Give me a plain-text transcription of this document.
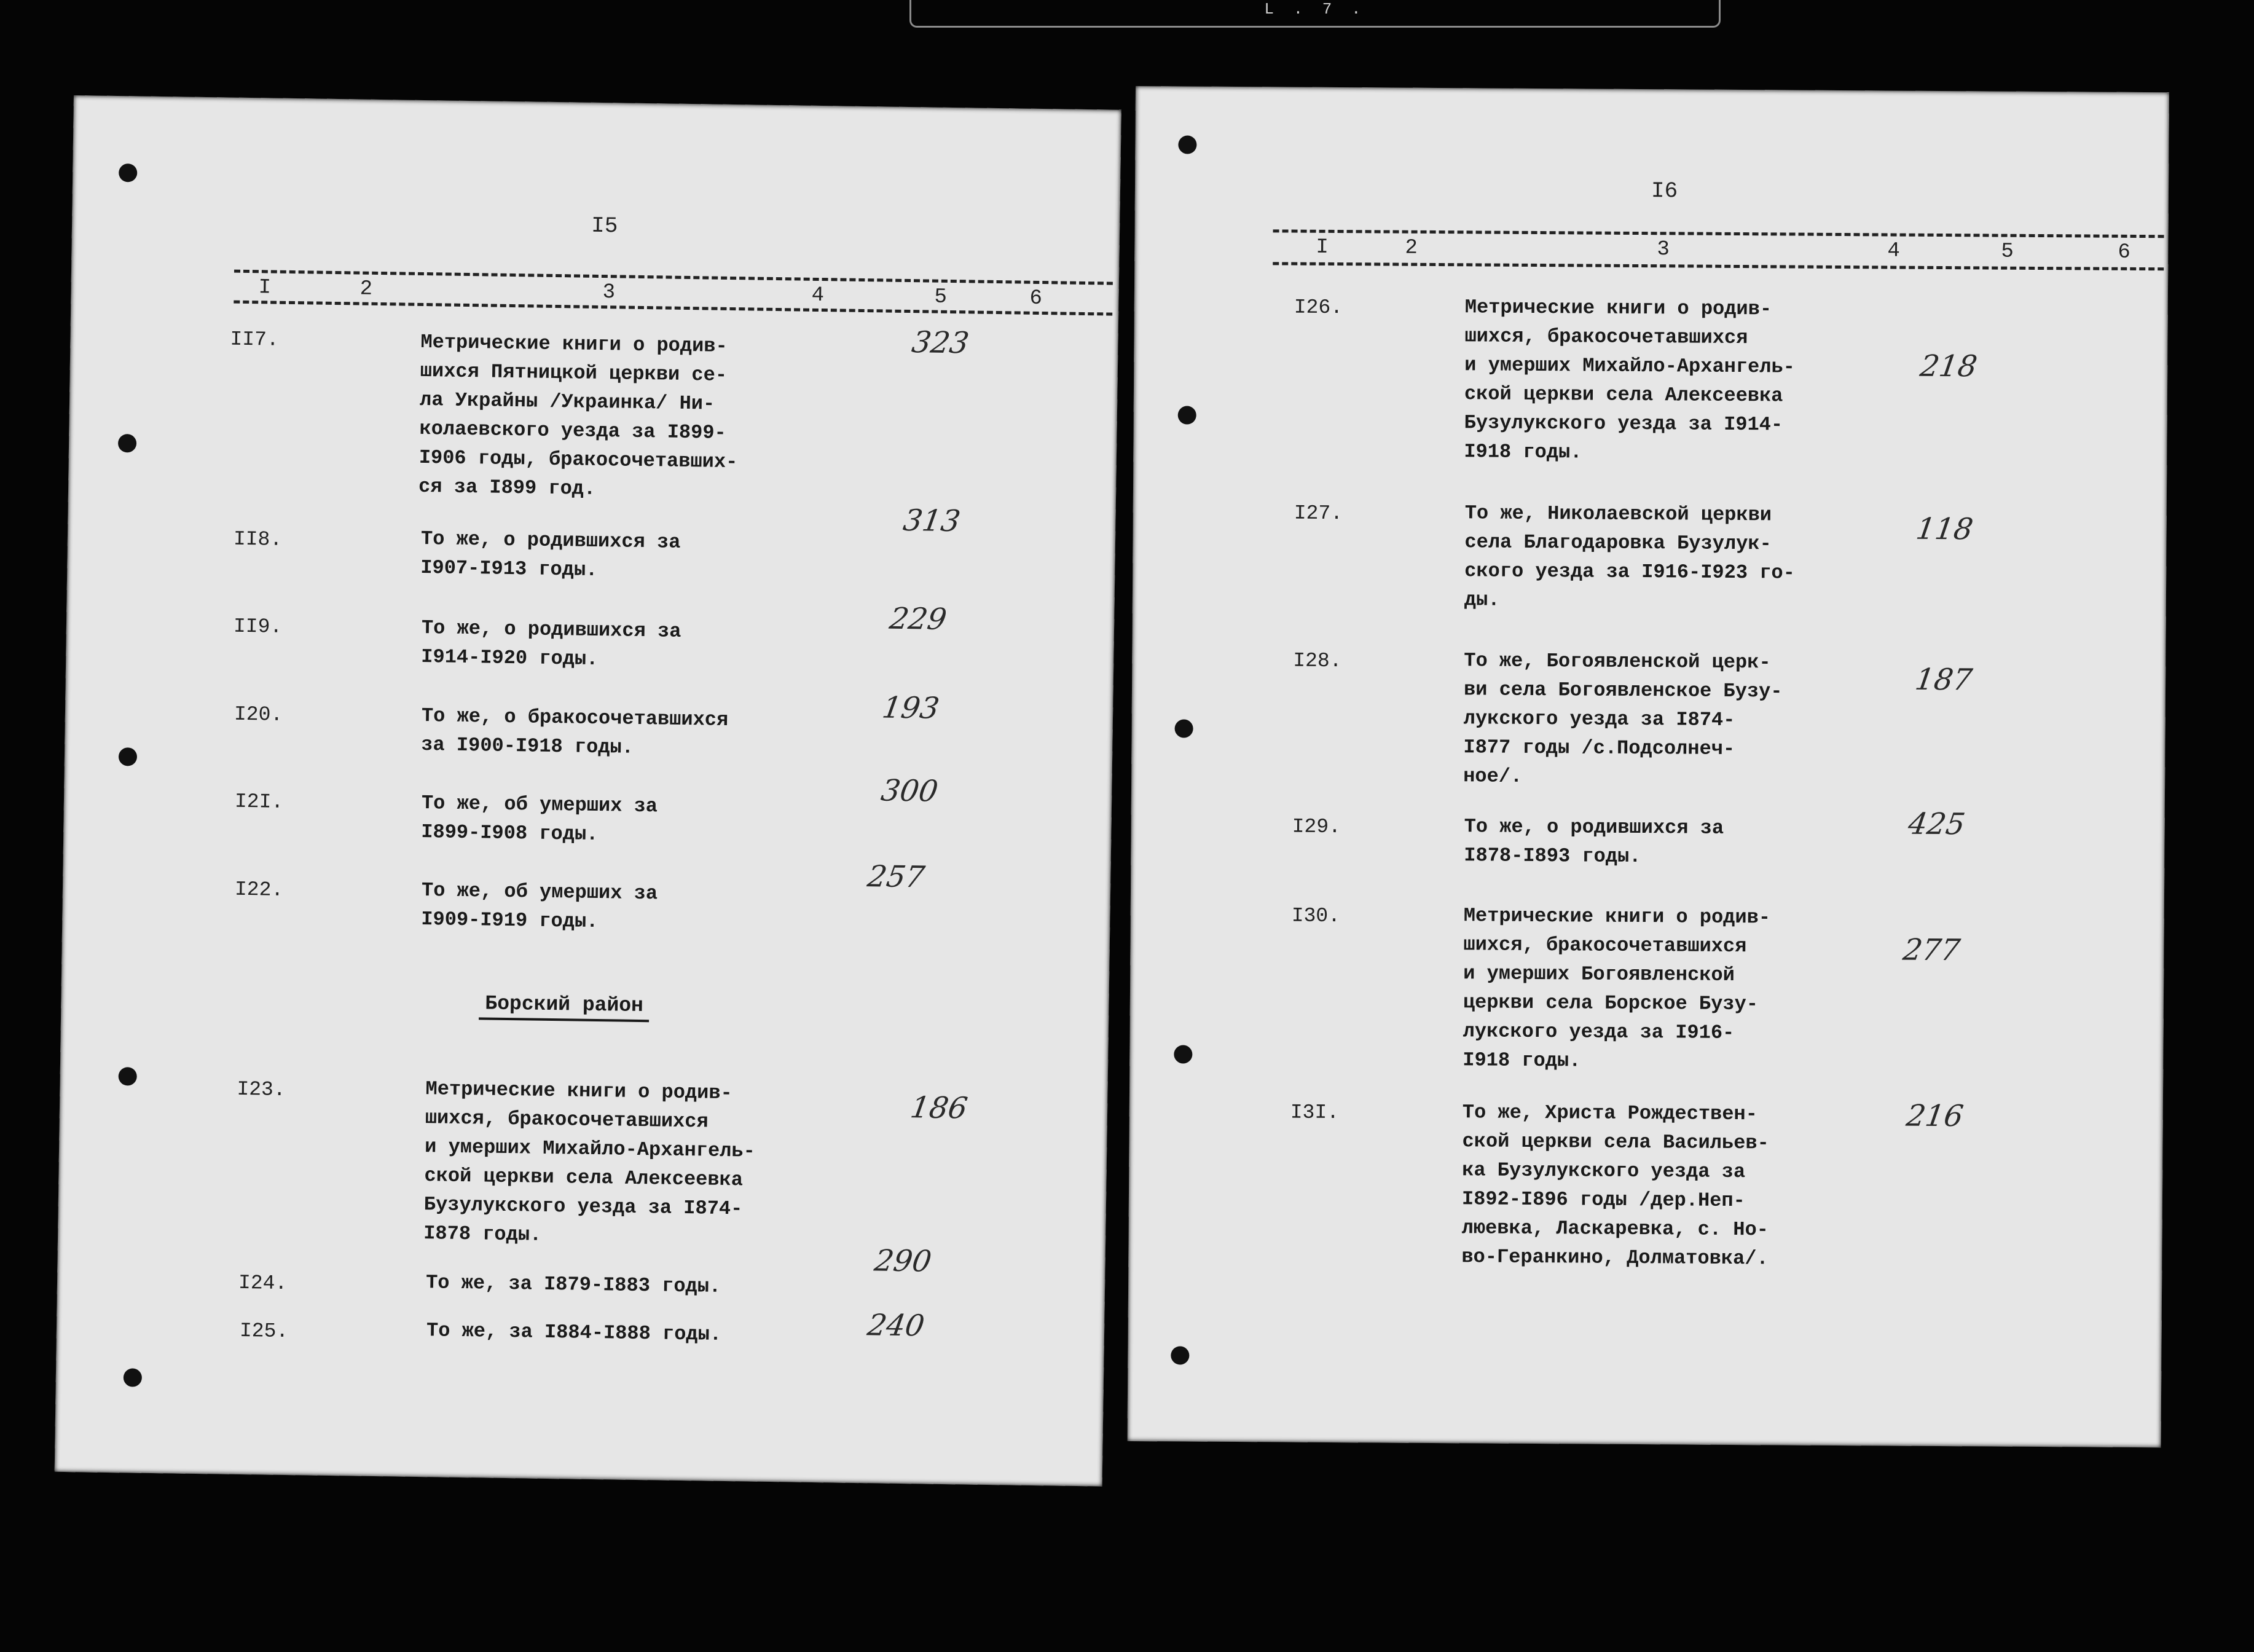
L . 7 .
I5

I

	2

	3

	4

	5

	6

II7.	Метрические книги о родив-
шихся Пятницкой церкви се-
ла Украйны /Украинка/ Ни-
колаевского уезда за I899-
I906 годы, бракосочетавших-
ся за I899 год.
323
II8.	То же, о родившихся за
I907-I913 годы.
313
II9.	То же, о родившихся за
I914-I920 годы.
229
I20.	То же, о бракосочетавшихся
за I900-I918 годы.
193
I2I.	То же, об умерших за
I899-I908 годы.
300
I22.	То же, об умерших за
I909-I919 годы.
257
Борский район
I23.	Метрические книги о родив-
шихся, бракосочетавшихся
и умерших Михайло-Архангель-
ской церкви села Алексеевка
Бузулукского уезда за I874-
I878 годы.
186
I24.	То же, за I879-I883 годы.
290
I25.	То же, за I884-I888 годы.	240
I6

I

	2

	3

	4

	5

	6

I26.	Метрические книги о родив-
шихся, бракосочетавшихся
и умерших Михайло-Архангель-
ской церкви села Алексеевка
Бузулукского уезда за I914-
I918 годы.
218
I27.	То же, Николаевской церкви
села Благодаровка Бузулук-
ского уезда за I916-I923 го-
ды.
118
I28.	То же, Богоявленской церк-
ви села Богоявленское Бузу-
лукского уезда за I874-
I877 годы /с.Подсолнеч-
ное/.
187
I29.	То же, о родившихся за
I878-I893 годы.
425
I30.	Метрические книги о родив-
шихся, бракосочетавшихся
и умерших Богоявленской
церкви села Борское Бузу-
лукского уезда за I916-
I918 годы.
277
I3I.	То же, Христа Рождествен-
ской церкви села Васильев-
ка Бузулукского уезда за
I892-I896 годы /дер.Неп-
люевка, Ласкаревка, с. Но-
во-Геранкино, Долматовка/.
216
